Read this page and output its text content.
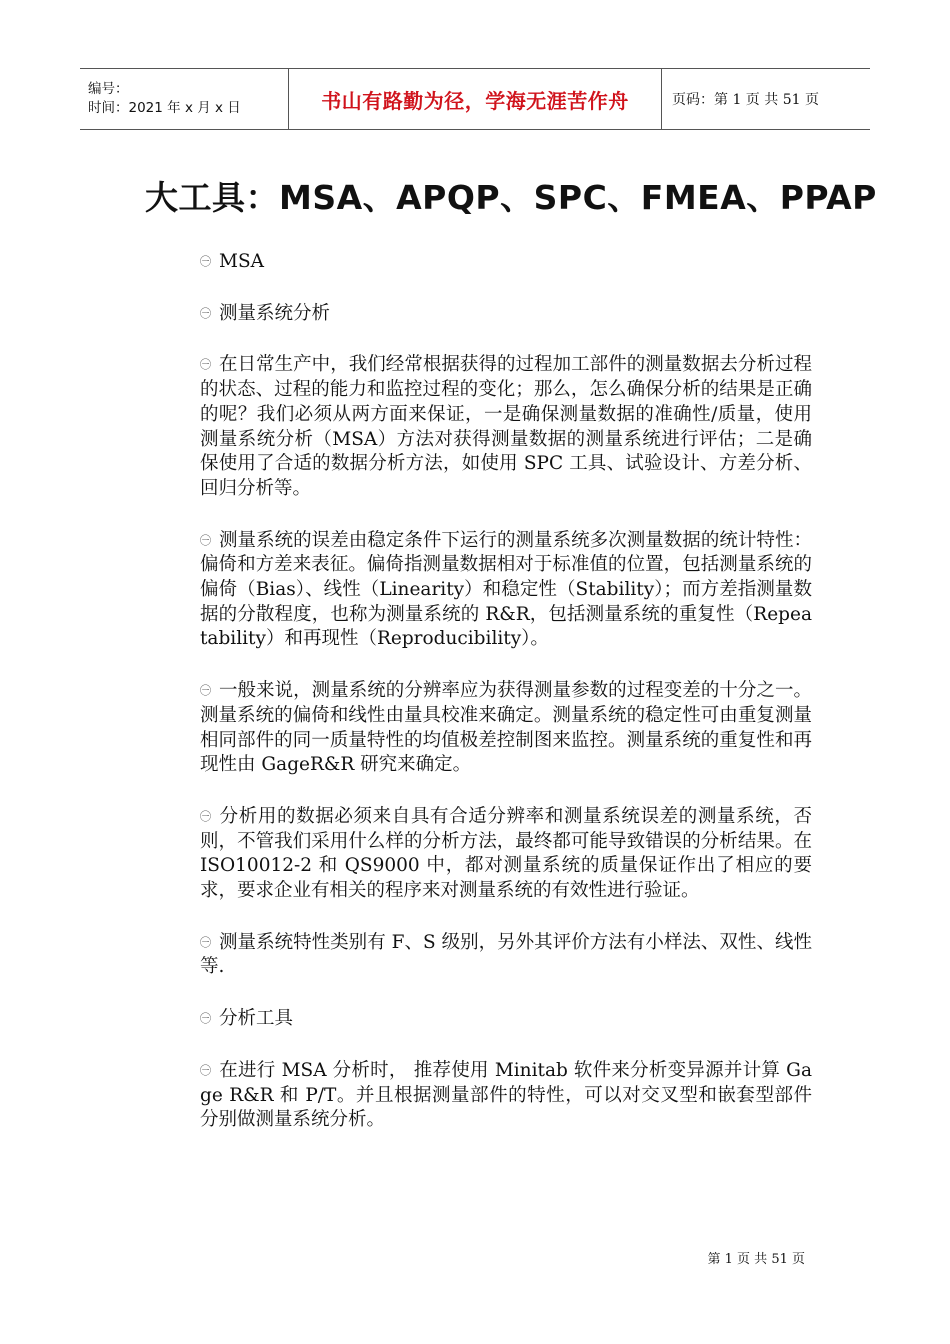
编号：
时间：2021 年 x 月 x 日	书山有路勤为径，学海无涯苦作舟	页码：第 1 页 共 51 页
大工具：MSA、APQP、SPC、FMEA、PPAP

㊀ MSA

㊀ 测量系统分析

㊀ 在日常生产中，我们经常根据获得的过程加工部件的测量数据去分析过程的状态、过程的能力和监控过程的变化；那么，怎么确保分析的结果是正确的呢？我们必须从两方面来保证，一是确保测量数据的准确性/质量，使用测量系统分析（MSA）方法对获得测量数据的测量系统进行评估；二是确保使用了合适的数据分析方法，如使用 SPC 工具、试验设计、方差分析、回归分析等。

㊀ 测量系统的误差由稳定条件下运行的测量系统多次测量数据的统计特性：偏倚和方差来表征。偏倚指测量数据相对于标准值的位置，包括测量系统的偏倚（Bias）、线性（Linearity）和稳定性（Stability）；而方差指测量数据的分散程度，也称为测量系统的 R&R，包括测量系统的重复性（Repeatability）和再现性（Reproducibility）。

㊀ 一般来说，测量系统的分辨率应为获得测量参数的过程变差的十分之一。测量系统的偏倚和线性由量具校准来确定。测量系统的稳定性可由重复测量相同部件的同一质量特性的均值极差控制图来监控。测量系统的重复性和再现性由 GageR&R 研究来确定。

㊀ 分析用的数据必须来自具有合适分辨率和测量系统误差的测量系统，否则，不管我们采用什么样的分析方法，最终都可能导致错误的分析结果。在 ISO10012-2 和 QS9000 中，都对测量系统的质量保证作出了相应的要求，要求企业有相关的程序来对测量系统的有效性进行验证。

㊀ 测量系统特性类别有 F、S 级别，另外其评价方法有小样法、双性、线性等.

㊀ 分析工具

㊀ 在进行 MSA 分析时， 推荐使用 Minitab 软件来分析变异源并计算 Gage R&R 和 P/T。并且根据测量部件的特性，可以对交叉型和嵌套型部件分别做测量系统分析。

第 1 页 共 51 页
